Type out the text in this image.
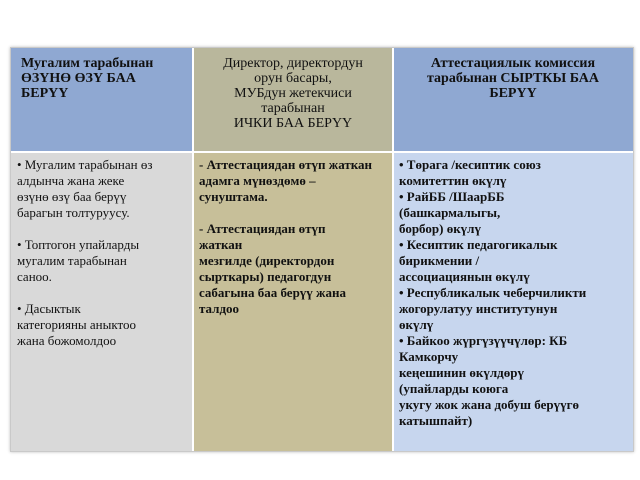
Мугалим тарабынан
ӨЗҮНӨ ӨЗҮ БАА
БЕРҮҮ
Директор, директордун
орун басары,
МУБдун жетекчиси
тарабынан
ИЧКИ БАА БЕРҮҮ
Аттестациялык комиссия
тарабынан СЫРТКЫ БАА
БЕРҮҮ
• Мугалим тарабынан өз
алдынча жана жеке
өзүнө өзү баа берүү
барагын толтуруусу.
• Топтогон упайларды
мугалим тарабынан
саноо.
• Дасыктык
категорияны аныктоо
жана божомолдоо
- Аттестациядан өтүп жаткан
адамга мүнөздөмө –
сунуштама.
- Аттестациядан өтүп
жаткан
мезгилде (директордон
сырткары) педагогдун
сабагына баа берүү жана
талдоо
• Төрага /кесиптик союз
комитеттин өкүлү
• РайББ /ШаарББ
(башкармалыгы,
борбор) өкүлү
• Кесиптик педагогикалык
бирикмении /
ассоциациянын өкүлү
• Республикалык чеберчиликти
жогорулатуу институтунун
өкүлү
• Байкоо жүргүзүүчүлөр: КБ
Камкорчу
кеңешинин өкүлдөрү
(упайларды коюга
укугу жок жана добуш берүүгө
катышпайт)
